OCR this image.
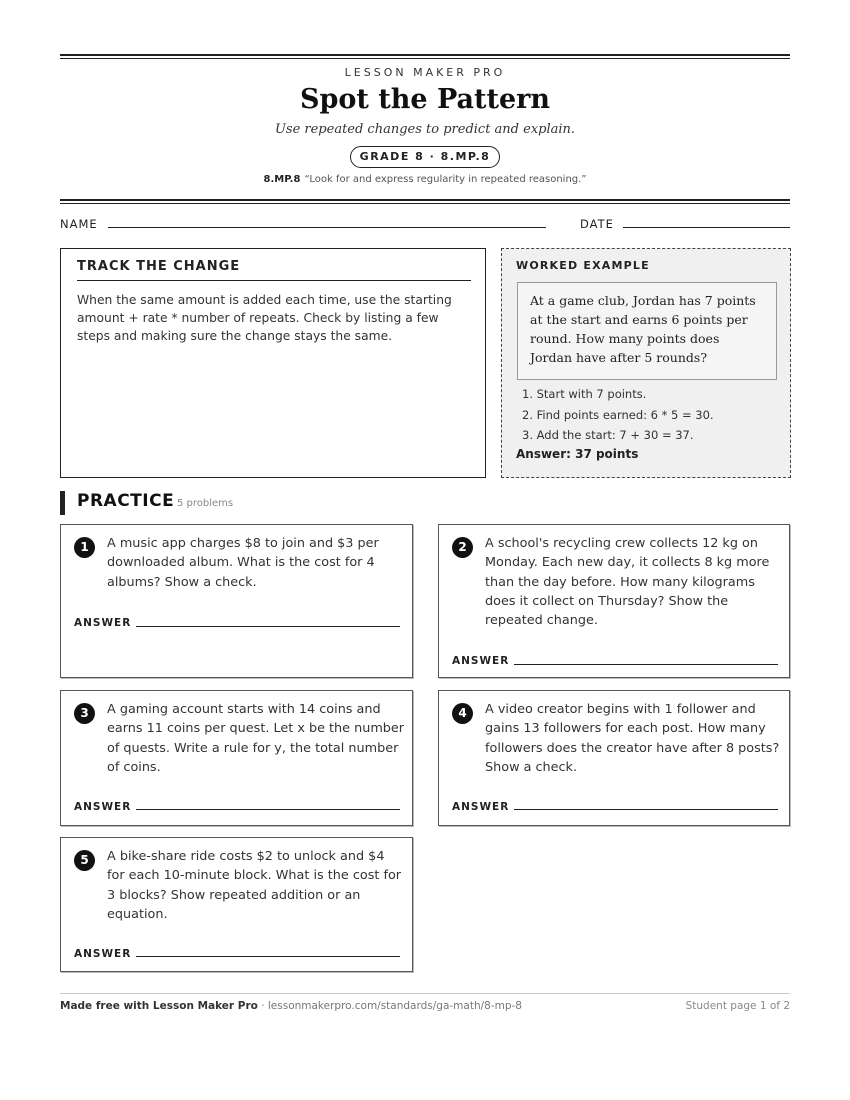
LESSON MAKER PRO
Spot the Pattern
Use repeated changes to predict and explain.
GRADE 8 · 8.MP.8
8.MP.8 “Look for and express regularity in repeated reasoning.”
NAME	DATE
TRACK THE CHANGE
When the same amount is added each time, use the starting amount + rate * number of repeats. Check by listing a few steps and making sure the change stays the same.
WORKED EXAMPLE
At a game club, Jordan has 7 points at the start and earns 6 points per round. How many points does Jordan have after 5 rounds?
1. Start with 7 points.
2. Find points earned: 6 * 5 = 30.
3. Add the start: 7 + 30 = 37.
Answer: 37 points
PRACTICE 5 problems
1	A music app charges $8 to join and $3 per downloaded album. What is the cost for 4 albums? Show a check.
ANSWER
2	A school's recycling crew collects 12 kg on Monday. Each new day, it collects 8 kg more than the day before. How many kilograms does it collect on Thursday? Show the repeated change.
ANSWER
3	A gaming account starts with 14 coins and earns 11 coins per quest. Let x be the number of quests. Write a rule for y, the total number of coins.
ANSWER
4	A video creator begins with 1 follower and gains 13 followers for each post. How many followers does the creator have after 8 posts? Show a check.
ANSWER
5	A bike-share ride costs $2 to unlock and $4 for each 10-minute block. What is the cost for 3 blocks? Show repeated addition or an equation.
ANSWER
Made free with Lesson Maker Pro · lessonmakerpro.com/standards/ga-math/8-mp-8	Student page 1 of 2
